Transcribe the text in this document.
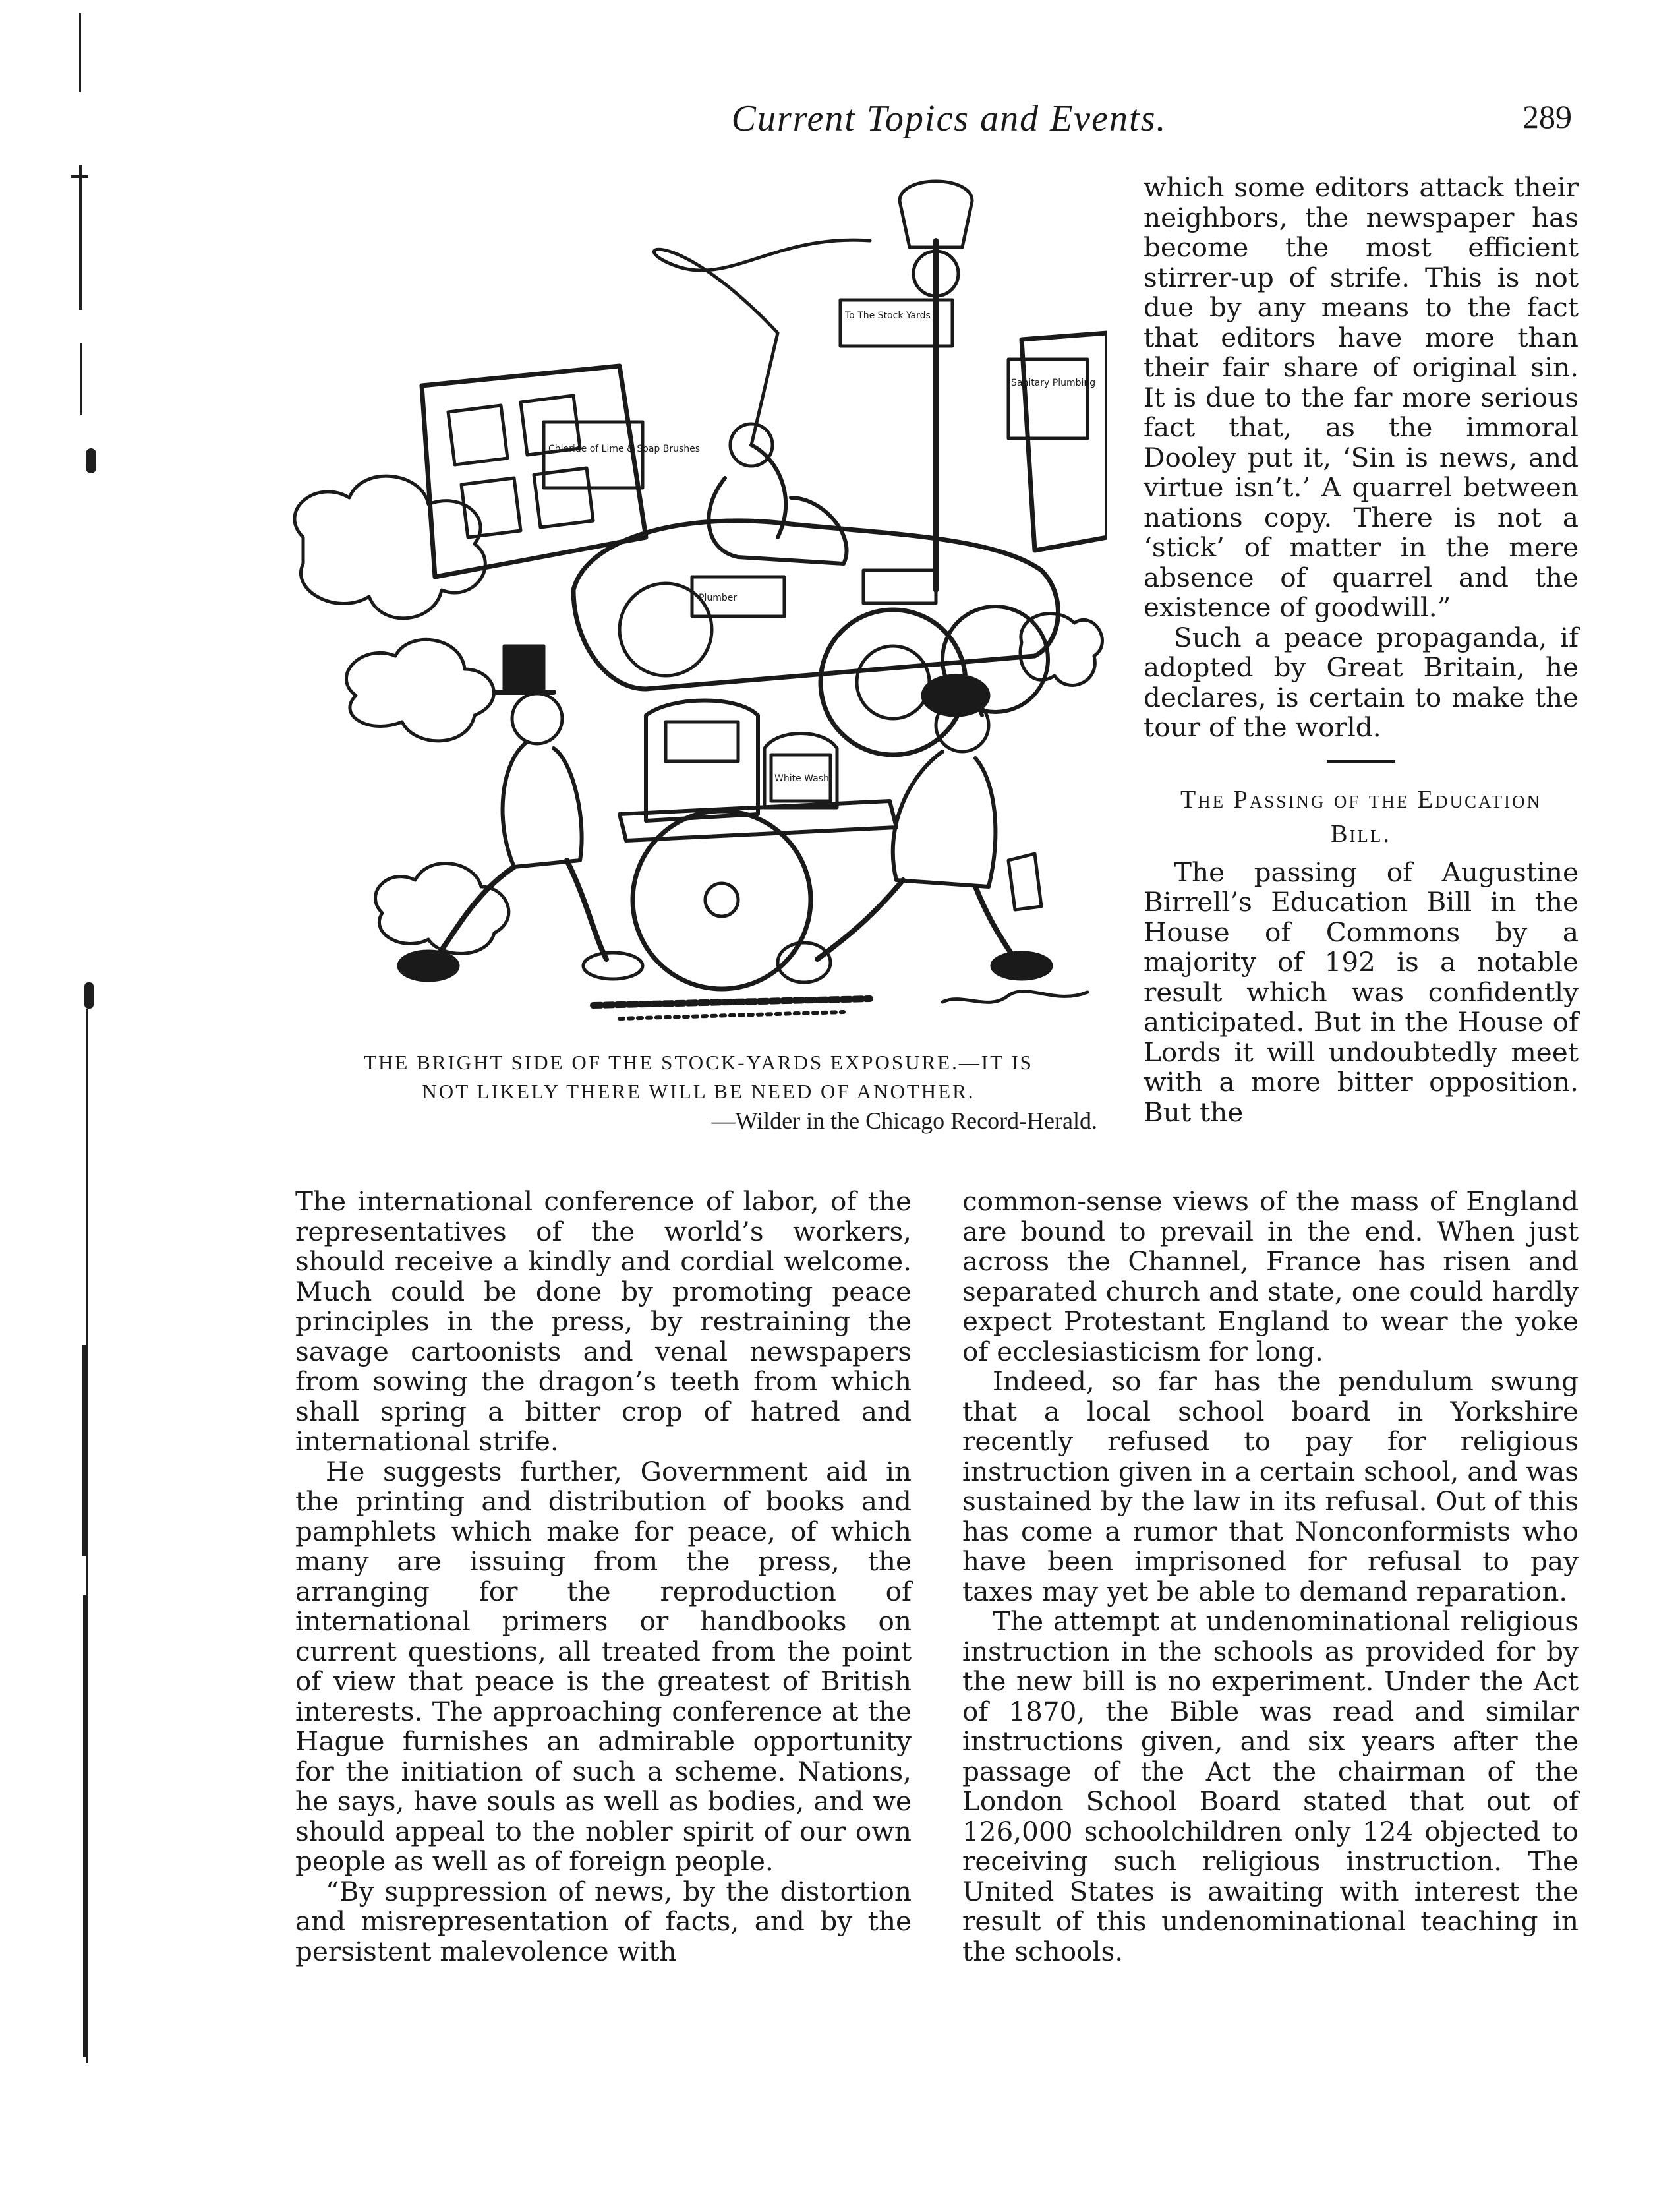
Current Topics and Events.	289
To The Stock Yards
Sanitary Plumbing
Chloride of Lime & Soap Brushes
Plumber
White Wash

THE BRIGHT SIDE OF THE STOCK-YARDS EXPOSURE.—IT IS

NOT LIKELY THERE WILL BE NEED OF ANOTHER.

—Wilder in the Chicago Record-Herald.

which some editors attack their neighbors, the newspaper has become the most efficient stirrer-up of strife. This is not due by any means to the fact that editors have more than their fair share of original sin. It is due to the far more serious fact that, as the immoral Dooley put it, ‘Sin is news, and virtue isn’t.’ A quarrel between nations copy. There is not a ‘stick’ of matter in the mere absence of quarrel and the existence of goodwill.”

Such a peace propaganda, if adopted by Great Britain, he declares, is certain to make the tour of the world.

The Passing of the Education Bill.

The passing of Augustine Birrell’s Education Bill in the House of Commons by a majority of 192 is a notable result which was confidently anticipated. But in the House of Lords it will undoubtedly meet with a more bitter opposition. But the

The international conference of labor, of the representatives of the world’s workers, should receive a kindly and cordial welcome. Much could be done by promoting peace principles in the press, by restraining the savage cartoonists and venal newspapers from sowing the dragon’s teeth from which shall spring a bitter crop of hatred and international strife.

He suggests further, Government aid in the printing and distribution of books and pamphlets which make for peace, of which many are issuing from the press, the arranging for the reproduction of international primers or handbooks on current questions, all treated from the point of view that peace is the greatest of British interests. The approaching conference at the Hague furnishes an admirable opportunity for the initiation of such a scheme. Nations, he says, have souls as well as bodies, and we should appeal to the nobler spirit of our own people as well as of foreign people.

“By suppression of news, by the distortion and misrepresentation of facts, and by the persistent malevolence with

common-sense views of the mass of England are bound to prevail in the end. When just across the Channel, France has risen and separated church and state, one could hardly expect Protestant England to wear the yoke of ecclesiasticism for long.

Indeed, so far has the pendulum swung that a local school board in Yorkshire recently refused to pay for religious instruction given in a certain school, and was sustained by the law in its refusal. Out of this has come a rumor that Nonconformists who have been imprisoned for refusal to pay taxes may yet be able to demand reparation.

The attempt at undenominational religious instruction in the schools as provided for by the new bill is no experiment. Under the Act of 1870, the Bible was read and similar instructions given, and six years after the passage of the Act the chairman of the London School Board stated that out of 126,000 schoolchildren only 124 objected to receiving such religious instruction. The United States is awaiting with interest the result of this undenominational teaching in the schools.
